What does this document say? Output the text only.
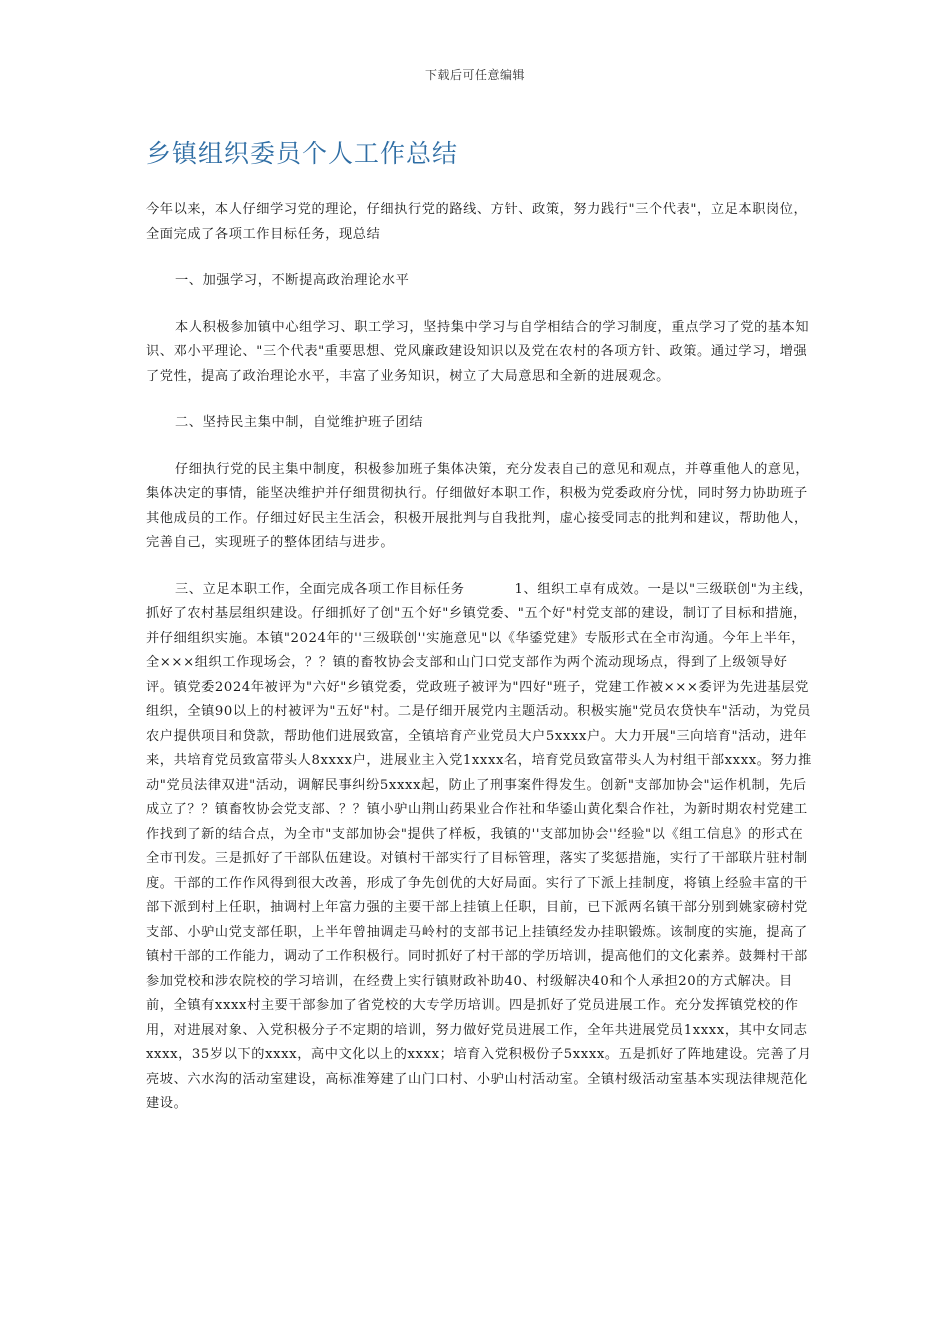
下载后可任意编辑
乡镇组织委员个人工作总结

今年以来，本人仔细学习党的理论，仔细执行党的路线、方针、政策，努力践行"三个代表"，立足本职岗位，全面完成了各项工作目标任务，现总结

一、加强学习，不断提高政治理论水平

本人积极参加镇中心组学习、职工学习，坚持集中学习与自学相结合的学习制度，重点学习了党的基本知识、邓小平理论、"三个代表"重要思想、党风廉政建设知识以及党在农村的各项方针、政策。通过学习，增强了党性，提高了政治理论水平，丰富了业务知识，树立了大局意思和全新的进展观念。

二、坚持民主集中制，自觉维护班子团结

仔细执行党的民主集中制度，积极参加班子集体决策，充分发表自己的意见和观点，并尊重他人的意见，集体决定的事情，能坚决维护并仔细贯彻执行。仔细做好本职工作，积极为党委政府分忧，同时努力协助班子其他成员的工作。仔细过好民主生活会，积极开展批判与自我批判，虚心接受同志的批判和建议，帮助他人，完善自己，实现班子的整体团结与进步。

三、立足本职工作，全面完成各项工作目标任务	1、组织工卓有成效。一是以"三级联创"为主线，抓好了农村基层组织建设。仔细抓好了创"五个好"乡镇党委、"五个好"村党支部的建设，制订了目标和措施，并仔细组织实施。本镇"2024年的''三级联创''实施意见"以《华鋈党建》专版形式在全市沟通。今年上半年，全×××组织工作现场会，？？镇的畜牧协会支部和山门口党支部作为两个流动现场点，得到了上级领导好评。镇党委2024年被评为"六好"乡镇党委，党政班子被评为"四好"班子，党建工作被×××委评为先进基层党组织，全镇90以上的村被评为"五好"村。二是仔细开展党内主题活动。积极实施"党员农贷快车"活动，为党员农户提供项目和贷款，帮助他们进展致富，全镇培育产业党员大户5xxxx户。大力开展"三向培育"活动，进年来，共培育党员致富带头人8xxxx户，进展业主入党1xxxx名，培育党员致富带头人为村组干部xxxx。努力推动"党员法律双进"活动，调解民事纠纷5xxxx起，防止了刑事案件得发生。创新"支部加协会"运作机制，先后成立了？？镇畜牧协会党支部、？？镇小驴山荆山药果业合作社和华鋈山黄化梨合作社，为新时期农村党建工作找到了新的结合点，为全市"支部加协会"提供了样板，我镇的''支部加协会''经验"以《组工信息》的形式在全市刊发。三是抓好了干部队伍建设。对镇村干部实行了目标管理，落实了奖惩措施，实行了干部联片驻村制度。干部的工作作风得到很大改善，形成了争先创优的大好局面。实行了下派上挂制度，将镇上经验丰富的干部下派到村上任职，抽调村上年富力强的主要干部上挂镇上任职，目前，已下派两名镇干部分别到姚家磅村党支部、小驴山党支部任职，上半年曾抽调走马岭村的支部书记上挂镇经发办挂职锻炼。该制度的实施，提高了镇村干部的工作能力，调动了工作积极行。同时抓好了村干部的学历培训，提高他们的文化素养。鼓舞村干部参加党校和涉农院校的学习培训，在经费上实行镇财政补助40、村级解决40和个人承担20的方式解决。目前，全镇有xxxx村主要干部参加了省党校的大专学历培训。四是抓好了党员进展工作。充分发挥镇党校的作用，对进展对象、入党积极分子不定期的培训，努力做好党员进展工作，全年共进展党员1xxxx，其中女同志xxxx，35岁以下的xxxx，高中文化以上的xxxx；培育入党积极份子5xxxx。五是抓好了阵地建设。完善了月亮坡、六水沟的活动室建设，高标准筹建了山门口村、小驴山村活动室。全镇村级活动室基本实现法律规范化建设。
